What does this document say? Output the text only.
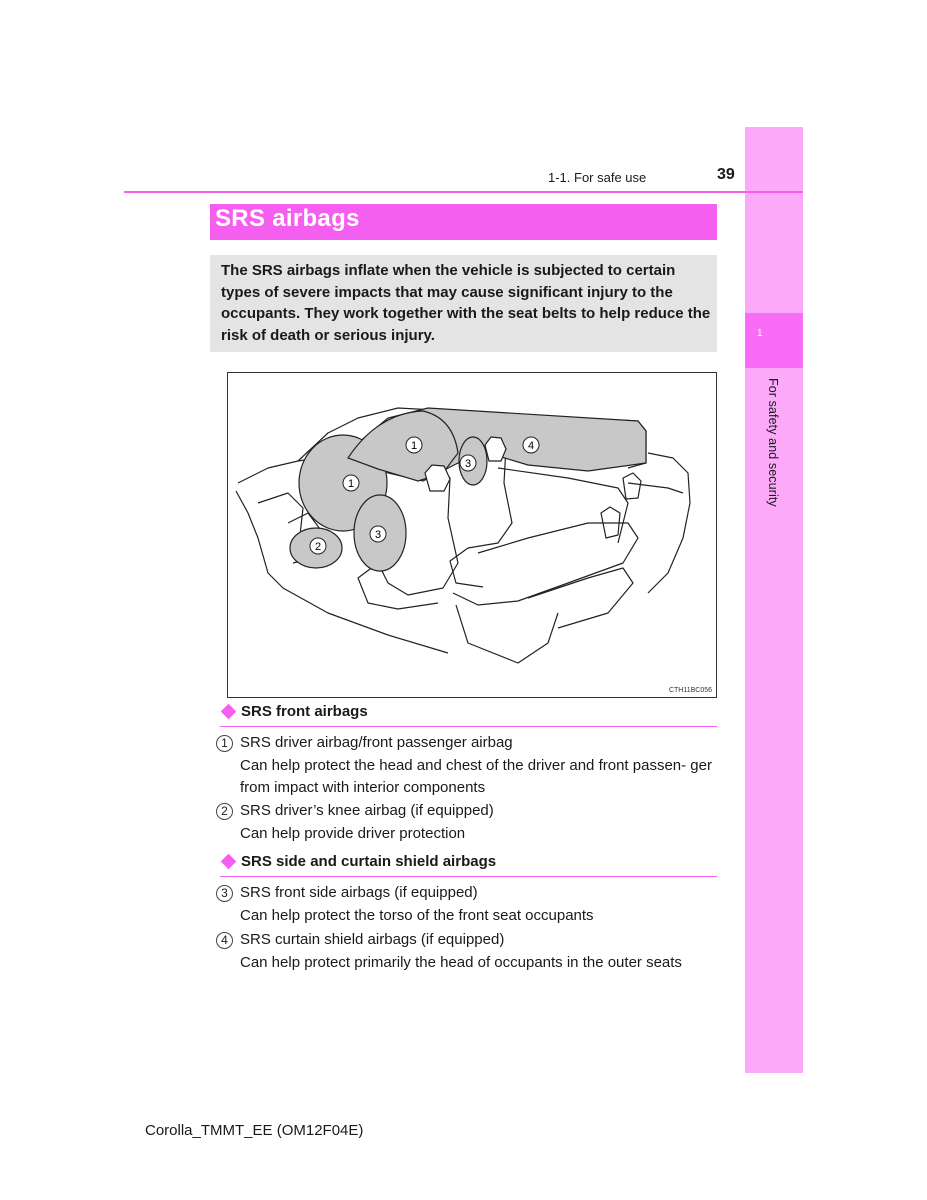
1
For safety and security
1-1. For safe use	39
SRS airbags

The SRS airbags inflate when the vehicle is subjected to certain types of severe impacts that may cause significant injury to the occupants. They work together with the seat belts to help reduce the risk of death or serious injury.

1
1
2
3
3
4
CTH11BC056
SRS front airbags
1 SRS driver airbag/front passenger airbag

Can help protect the head and chest of the driver and front passen- ger from impact with interior components

2 SRS driver’s knee airbag (if equipped)

Can help provide driver protection

SRS side and curtain shield airbags
3 SRS front side airbags (if equipped)

Can help protect the torso of the front seat occupants

4 SRS curtain shield airbags (if equipped)

Can help protect primarily the head of occupants in the outer seats

Corolla_TMMT_EE (OM12F04E)
